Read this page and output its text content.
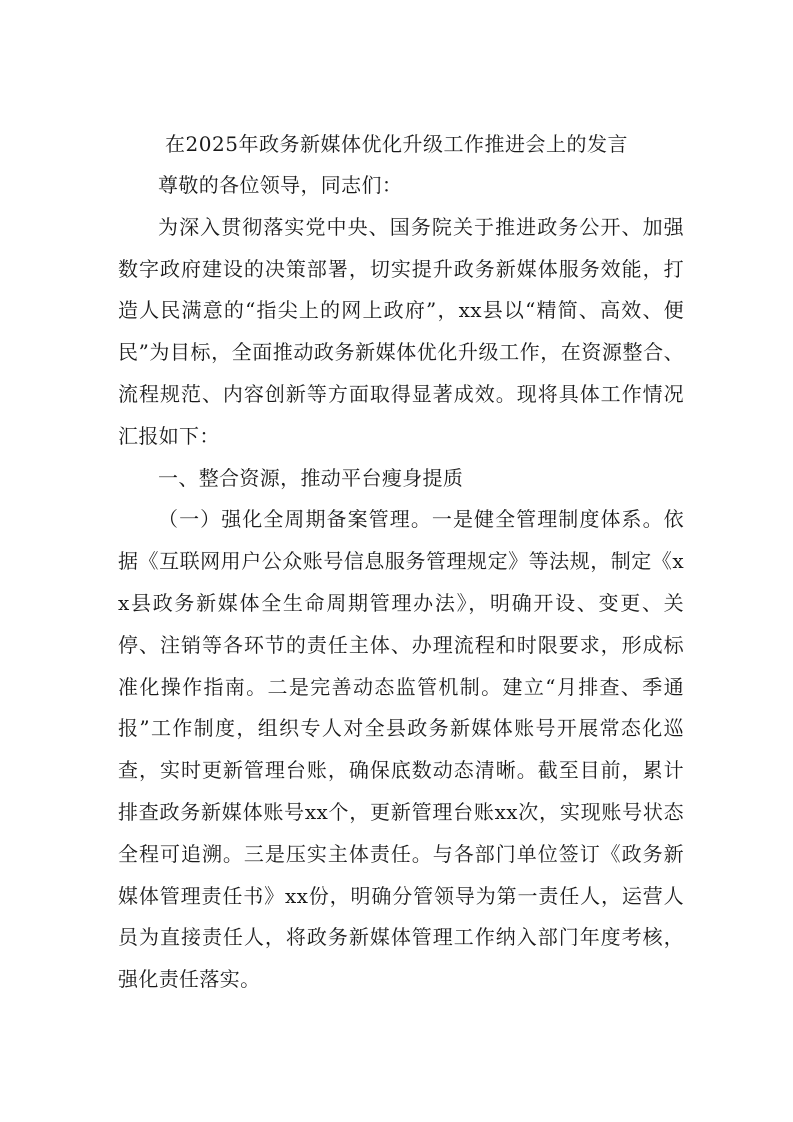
在2025年政务新媒体优化升级工作推进会上的发言

尊敬的各位领导，同志们：

为深入贯彻落实党中央、国务院关于推进政务公开、加强数字政府建设的决策部署，切实提升政务新媒体服务效能，打造人民满意的“指尖上的网上政府”，xx县以“精简、高效、便民”为目标，全面推动政务新媒体优化升级工作，在资源整合、流程规范、内容创新等方面取得显著成效。现将具体工作情况汇报如下：

一、整合资源，推动平台瘦身提质

（一）强化全周期备案管理。一是健全管理制度体系。依据《互联网用户公众账号信息服务管理规定》等法规，制定《xx县政务新媒体全生命周期管理办法》，明确开设、变更、关停、注销等各环节的责任主体、办理流程和时限要求，形成标准化操作指南。二是完善动态监管机制。建立“月排查、季通报”工作制度，组织专人对全县政务新媒体账号开展常态化巡查，实时更新管理台账，确保底数动态清晰。截至目前，累计排查政务新媒体账号xx个，更新管理台账xx次，实现账号状态全程可追溯。三是压实主体责任。与各部门单位签订《政务新媒体管理责任书》xx份，明确分管领导为第一责任人，运营人员为直接责任人，将政务新媒体管理工作纳入部门年度考核，强化责任落实。
